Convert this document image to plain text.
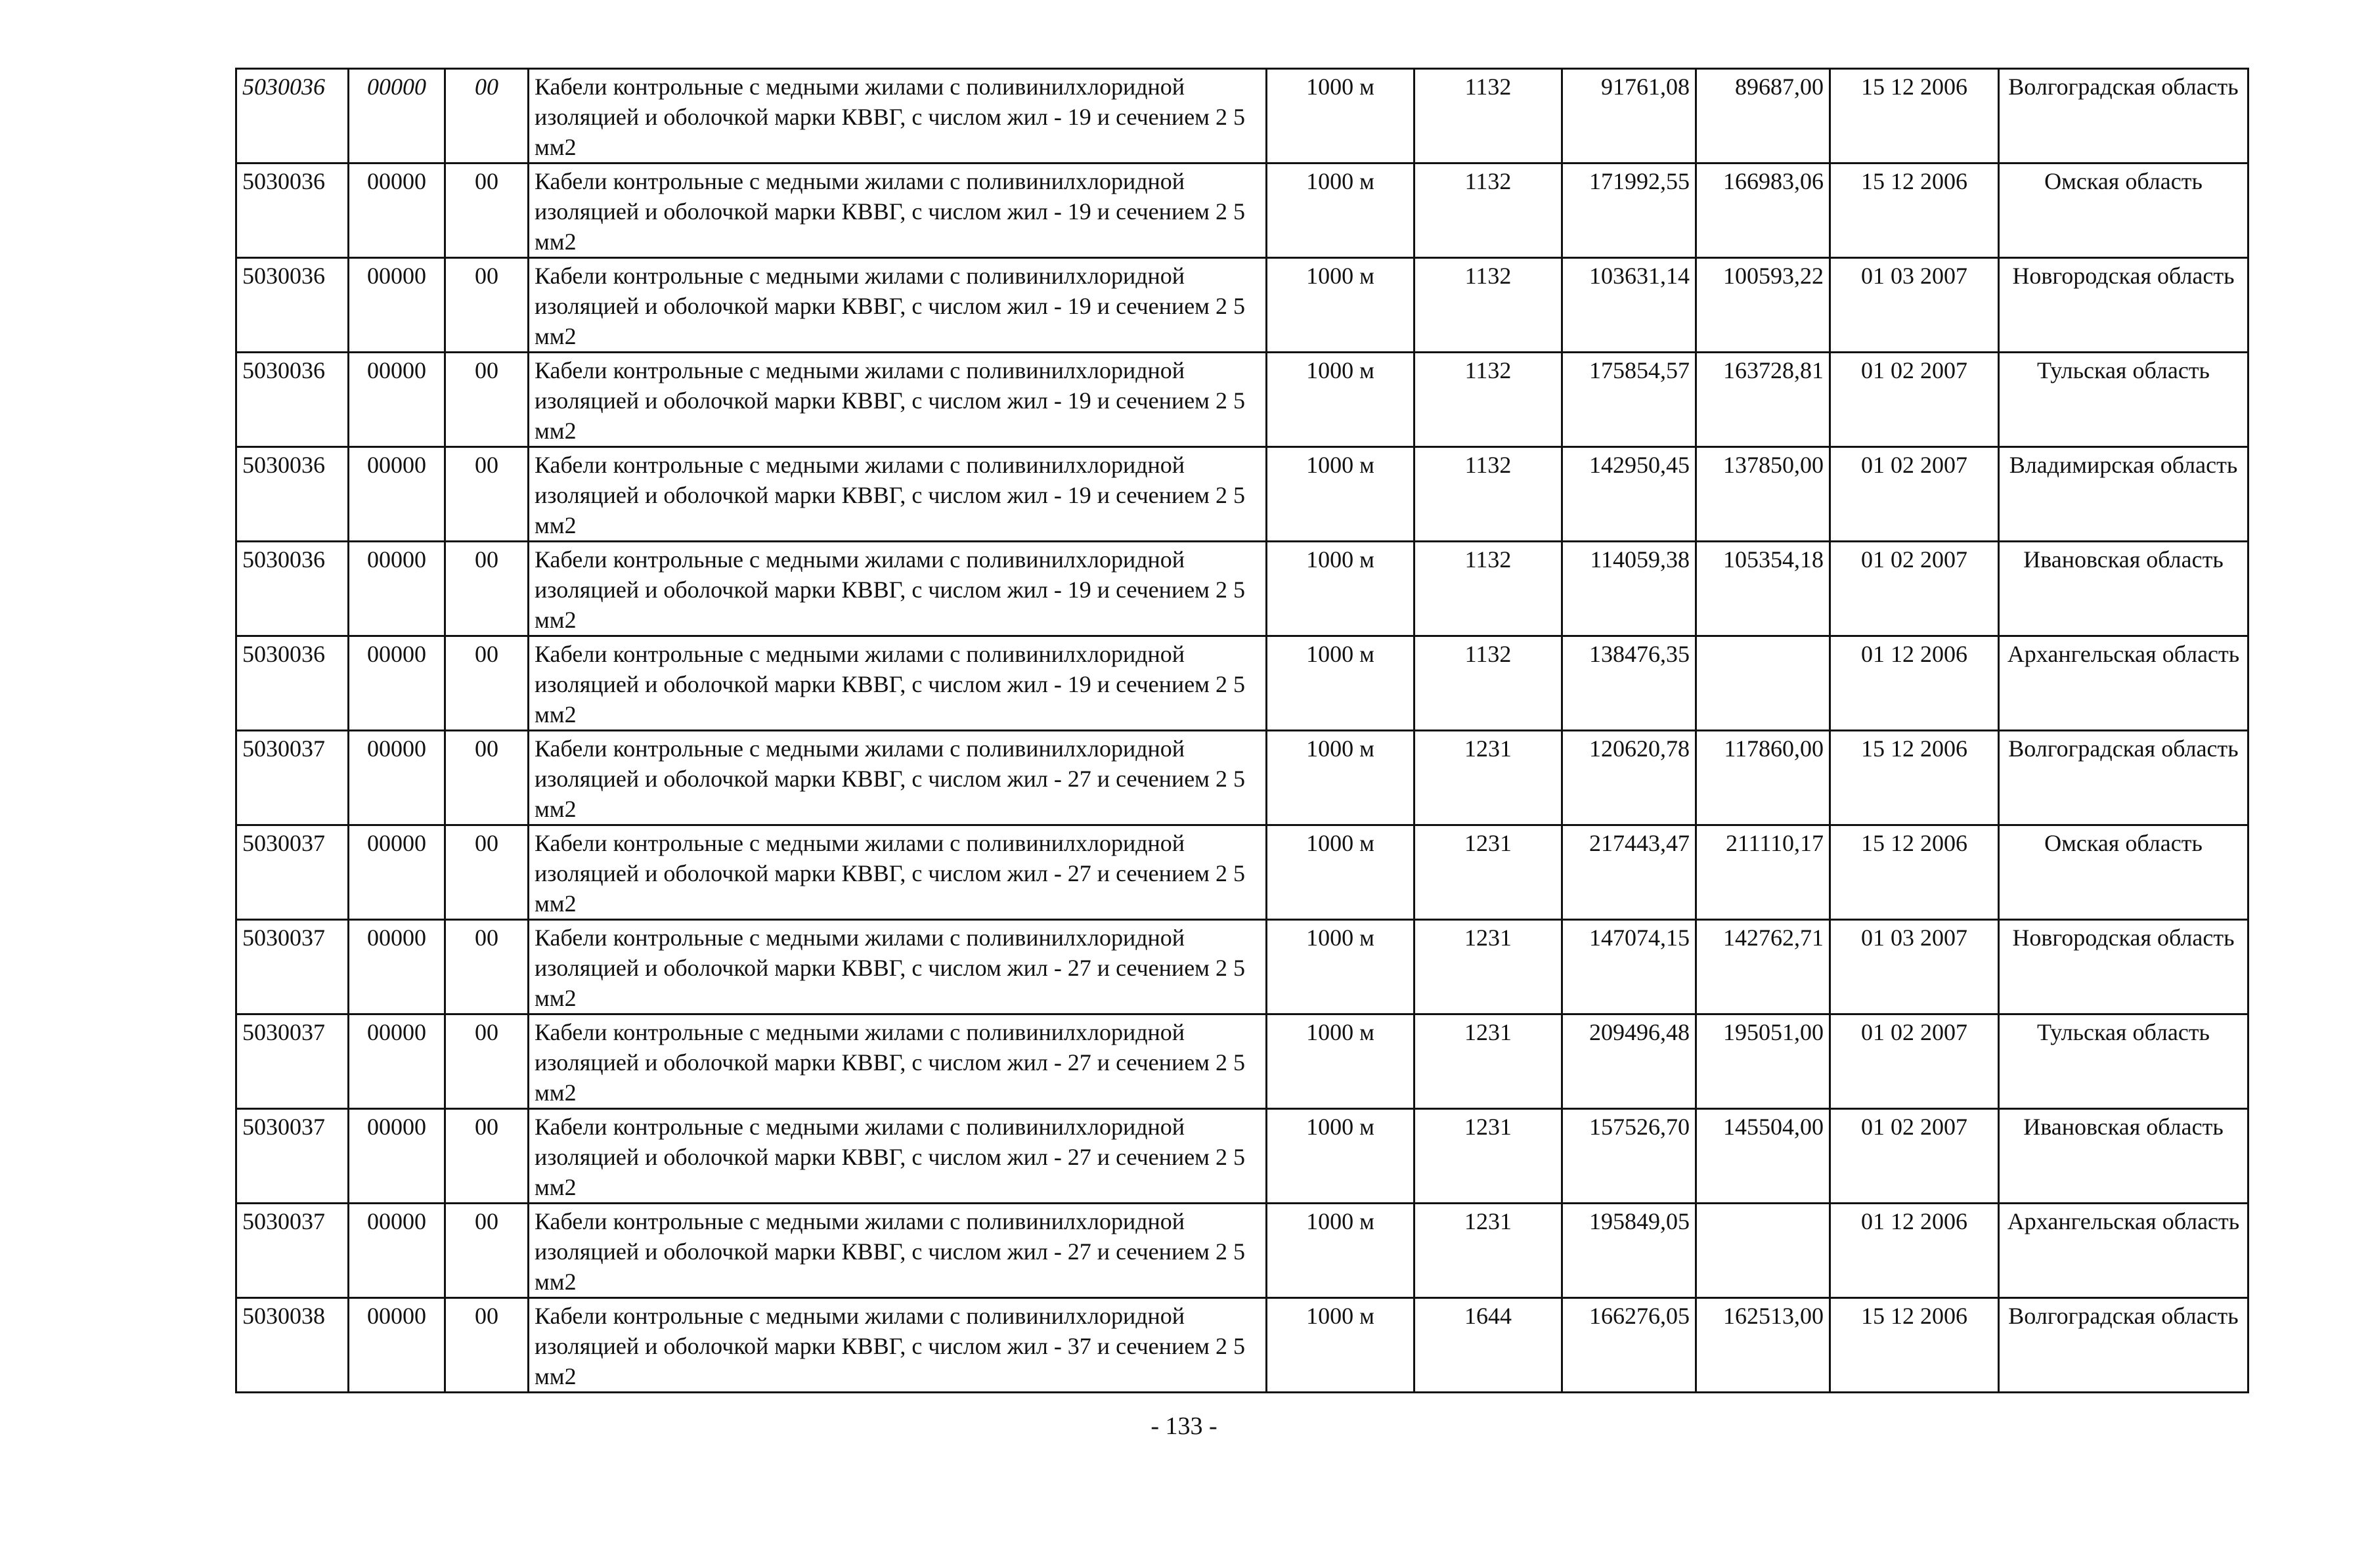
5030036	00000	00	Кабели контрольные с медными жилами с поливинилхлоридной изоляцией и оболочкой марки КВВГ, с числом жил - 19 и сечением 2 5 мм2	1000 м	1132	91761,08	89687,00	15 12 2006	Волгоградская область
5030036	00000	00	Кабели контрольные с медными жилами с поливинилхлоридной изоляцией и оболочкой марки КВВГ, с числом жил - 19 и сечением 2 5 мм2	1000 м	1132	171992,55	166983,06	15 12 2006	Омская область
5030036	00000	00	Кабели контрольные с медными жилами с поливинилхлоридной изоляцией и оболочкой марки КВВГ, с числом жил - 19 и сечением 2 5 мм2	1000 м	1132	103631,14	100593,22	01 03 2007	Новгородская область
5030036	00000	00	Кабели контрольные с медными жилами с поливинилхлоридной изоляцией и оболочкой марки КВВГ, с числом жил - 19 и сечением 2 5 мм2	1000 м	1132	175854,57	163728,81	01 02 2007	Тульская область
5030036	00000	00	Кабели контрольные с медными жилами с поливинилхлоридной изоляцией и оболочкой марки КВВГ, с числом жил - 19 и сечением 2 5 мм2	1000 м	1132	142950,45	137850,00	01 02 2007	Владимирская область
5030036	00000	00	Кабели контрольные с медными жилами с поливинилхлоридной изоляцией и оболочкой марки КВВГ, с числом жил - 19 и сечением 2 5 мм2	1000 м	1132	114059,38	105354,18	01 02 2007	Ивановская область
5030036	00000	00	Кабели контрольные с медными жилами с поливинилхлоридной изоляцией и оболочкой марки КВВГ, с числом жил - 19 и сечением 2 5 мм2	1000 м	1132	138476,35		01 12 2006	Архангельская область
5030037	00000	00	Кабели контрольные с медными жилами с поливинилхлоридной изоляцией и оболочкой марки КВВГ, с числом жил - 27 и сечением 2 5 мм2	1000 м	1231	120620,78	117860,00	15 12 2006	Волгоградская область
5030037	00000	00	Кабели контрольные с медными жилами с поливинилхлоридной изоляцией и оболочкой марки КВВГ, с числом жил - 27 и сечением 2 5 мм2	1000 м	1231	217443,47	211110,17	15 12 2006	Омская область
5030037	00000	00	Кабели контрольные с медными жилами с поливинилхлоридной изоляцией и оболочкой марки КВВГ, с числом жил - 27 и сечением 2 5 мм2	1000 м	1231	147074,15	142762,71	01 03 2007	Новгородская область
5030037	00000	00	Кабели контрольные с медными жилами с поливинилхлоридной изоляцией и оболочкой марки КВВГ, с числом жил - 27 и сечением 2 5 мм2	1000 м	1231	209496,48	195051,00	01 02 2007	Тульская область
5030037	00000	00	Кабели контрольные с медными жилами с поливинилхлоридной изоляцией и оболочкой марки КВВГ, с числом жил - 27 и сечением 2 5 мм2	1000 м	1231	157526,70	145504,00	01 02 2007	Ивановская область
5030037	00000	00	Кабели контрольные с медными жилами с поливинилхлоридной изоляцией и оболочкой марки КВВГ, с числом жил - 27 и сечением 2 5 мм2	1000 м	1231	195849,05		01 12 2006	Архангельская область
5030038	00000	00	Кабели контрольные с медными жилами с поливинилхлоридной изоляцией и оболочкой марки КВВГ, с числом жил - 37 и сечением 2 5 мм2	1000 м	1644	166276,05	162513,00	15 12 2006	Волгоградская область
- 133 -
